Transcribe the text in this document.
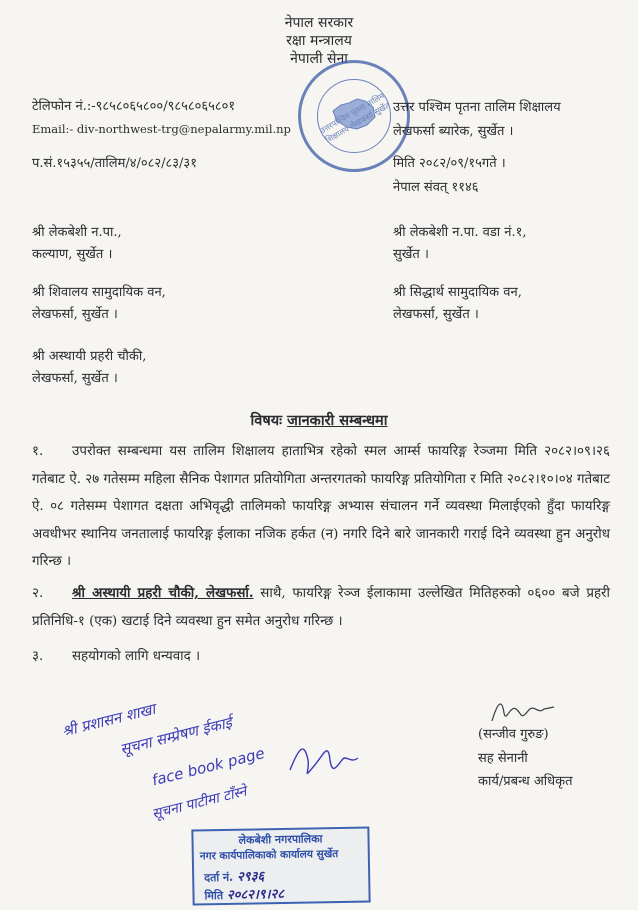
नेपाल सरकार
रक्षा मन्त्रालय
नेपाली सेना
उत्तरपश्चिम पृतना तालिम शिक्षालय लेखफर्सा,सुर्खेत
टेलिफोन नं.:-९८५८०६५८००/९८५८०६५८०१
Email:- div-northwest-trg@nepalarmy.mil.np
उत्तर पश्चिम पृतना तालिम शिक्षालय
लेखफर्सा ब्यारेक, सुर्खेत ।
प.सं.१५३५५/तालिम/४/०८२/८३/३१	मिति २०८२/०९/१५गते ।
नेपाल संवत् ११४६
श्री लेकबेशी न.पा.,
कल्याण, सुर्खेत ।
श्री लेकबेशी न.पा. वडा नं.१,
सुर्खेत ।
श्री शिवालय सामुदायिक वन,
लेखफर्सा, सुर्खेत ।
श्री सिद्धार्थ सामुदायिक वन,
लेखफर्सा, सुर्खेत ।
श्री अस्थायी प्रहरी चौकी,
लेखफर्सा, सुर्खेत ।
विषयः जानकारी सम्बन्धमा
१. उपरोक्त सम्बन्धमा यस तालिम शिक्षालय हाताभित्र रहेको स्मल आर्म्स फायरिङ्ग रेञ्जमा मिति २०८२।०९।२६ गतेबाट ऐ. २७ गतेसम्म महिला सैनिक पेशागत प्रतियोगिता अन्तरगतको फायरिङ्ग प्रतियोगिता र मिति २०८२।१०।०४ गतेबाट ऐ. ०८ गतेसम्म पेशागत दक्षता अभिवृद्धी तालिमको फायरिङ्ग अभ्यास संचालन गर्ने व्यवस्था मिलाईएको हुँदा फायरिङ्ग अवधीभर स्थानिय जनतालाई फायरिङ्ग ईलाका नजिक हर्कत (न) नगरि दिने बारे जानकारी गराई दिने व्यवस्था हुन अनुरोध गरिन्छ ।
२. श्री अस्थायी प्रहरी चौकी, लेखफर्सा. साथै, फायरिङ्ग रेञ्ज ईलाकामा उल्लेखित मितिहरुको ०६०० बजे प्रहरी प्रतिनिधि-१ (एक) खटाई दिने व्यवस्था हुन समेत अनुरोध गरिन्छ ।
३. सहयोगको लागि धन्यवाद ।
(सन्जीव गुरुङ)
सह सेनानी
कार्य/प्रबन्ध अधिकृत
श्री प्रशासन शाखा
सूचना सम्प्रेषण ईकाई
face book page
सूचना पाटीमा टाँस्ने
लेकबेशी नगरपालिका
नगर कार्यपालिकाको कार्यालय सुर्खेत
दर्ता नं. २९३६
मिति २०८२।९।२८
